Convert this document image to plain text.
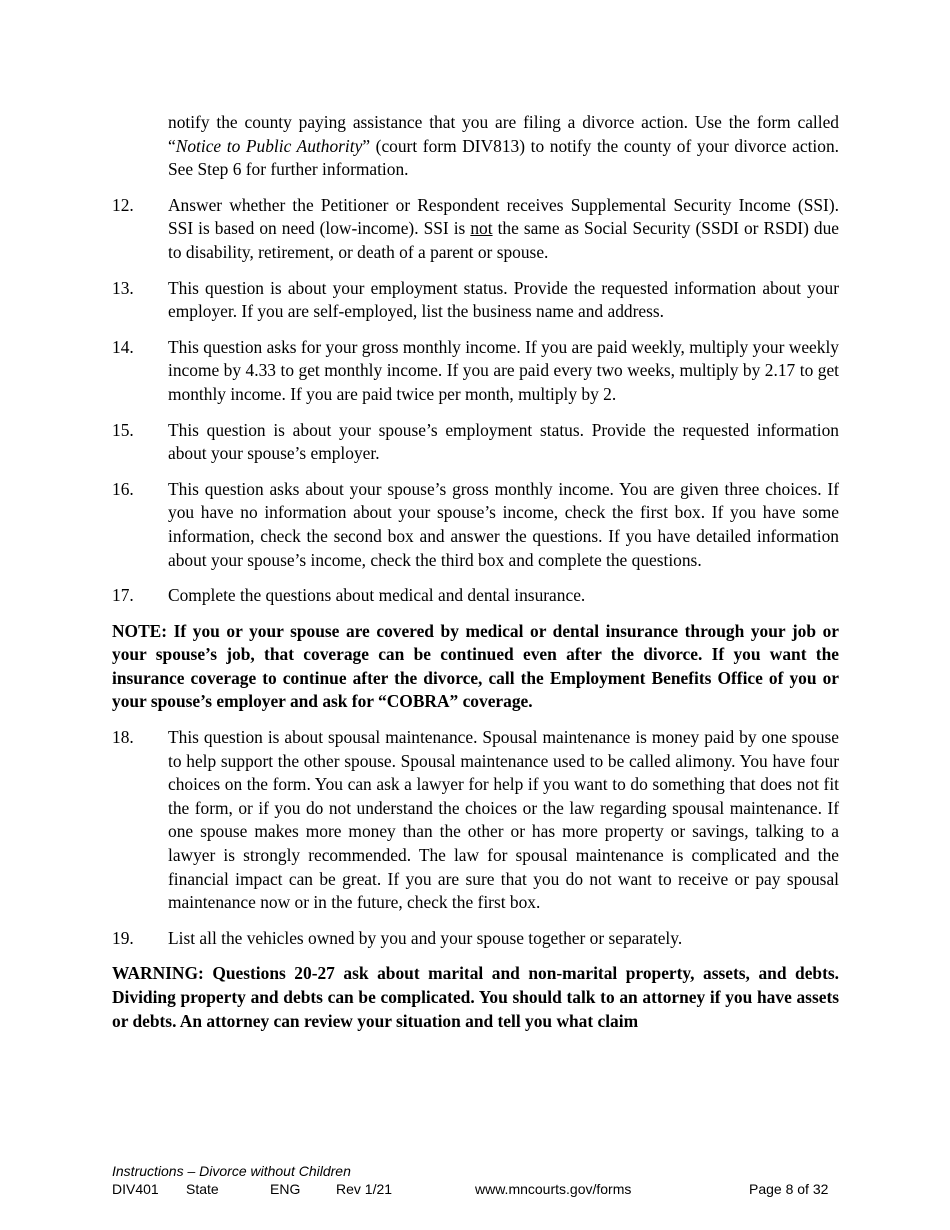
notify the county paying assistance that you are filing a divorce action. Use the form called “Notice to Public Authority” (court form DIV813) to notify the county of your divorce action. See Step 6 for further information.

12.	Answer whether the Petitioner or Respondent receives Supplemental Security Income (SSI). SSI is based on need (low-income). SSI is not the same as Social Security (SSDI or RSDI) due to disability, retirement, or death of a parent or spouse.
13.	This question is about your employment status. Provide the requested information about your employer. If you are self-employed, list the business name and address.
14.	This question asks for your gross monthly income. If you are paid weekly, multiply your weekly income by 4.33 to get monthly income. If you are paid every two weeks, multiply by 2.17 to get monthly income. If you are paid twice per month, multiply by 2.
15.	This question is about your spouse’s employment status. Provide the requested information about your spouse’s employer.
16.	This question asks about your spouse’s gross monthly income. You are given three choices. If you have no information about your spouse’s income, check the first box. If you have some information, check the second box and answer the questions. If you have detailed information about your spouse’s income, check the third box and complete the questions.
17.	Complete the questions about medical and dental insurance.

NOTE: If you or your spouse are covered by medical or dental insurance through your job or your spouse’s job, that coverage can be continued even after the divorce. If you want the insurance coverage to continue after the divorce, call the Employment Benefits Office of you or your spouse’s employer and ask for “COBRA” coverage.

18.	This question is about spousal maintenance. Spousal maintenance is money paid by one spouse to help support the other spouse. Spousal maintenance used to be called alimony. You have four choices on the form. You can ask a lawyer for help if you want to do something that does not fit the form, or if you do not understand the choices or the law regarding spousal maintenance. If one spouse makes more money than the other or has more property or savings, talking to a lawyer is strongly recommended. The law for spousal maintenance is complicated and the financial impact can be great. If you are sure that you do not want to receive or pay spousal maintenance now or in the future, check the first box.
19.	List all the vehicles owned by you and your spouse together or separately.

WARNING: Questions 20-27 ask about marital and non-marital property, assets, and debts. Dividing property and debts can be complicated. You should talk to an attorney if you have assets or debts. An attorney can review your situation and tell you what claim

Instructions – Divorce without Children
DIV401 State	ENG	Rev 1/21	www.mncourts.gov/forms	Page 8 of 32
